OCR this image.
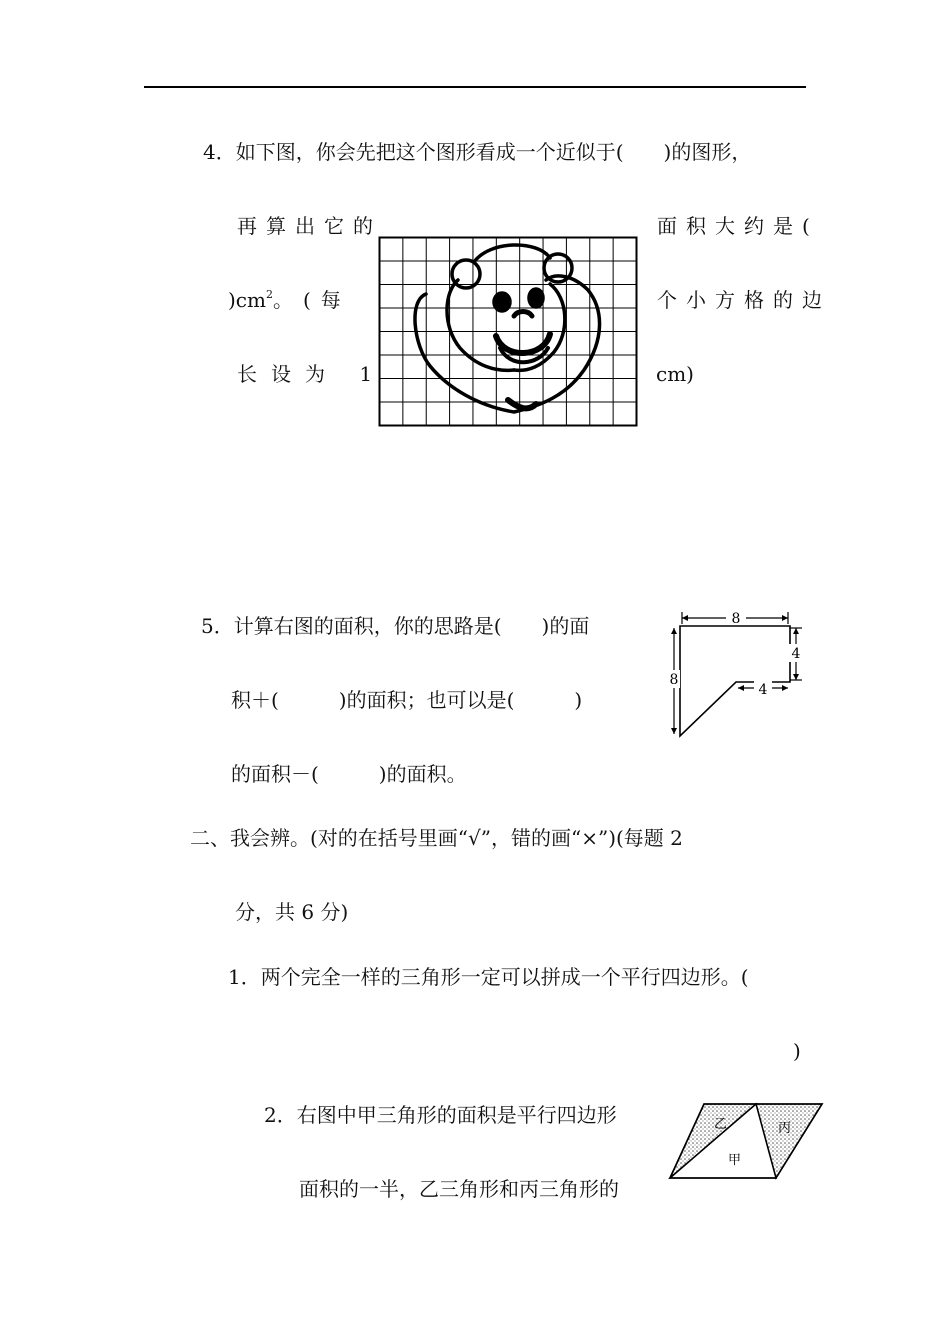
4．如下图，你会先把这个图形看成一个近似于(　　)的图形，
再算出它的	面积大约是(
)$cm^2$。(每	个小方格的边
长设为 1	cm)
5．计算右图的面积，你的思路是(　　)的面
积＋(　　　)的面积；也可以是(　　　)
的面积－(　　　)的面积。
8
4
4
8
二、我会辨。(对的在括号里画“√”，错的画“×”)(每题 2
分，共 6 分)
1．两个完全一样的三角形一定可以拼成一个平行四边形。(
)
2．右图中甲三角形的面积是平行四边形
面积的一半，乙三角形和丙三角形的
乙
甲
丙
